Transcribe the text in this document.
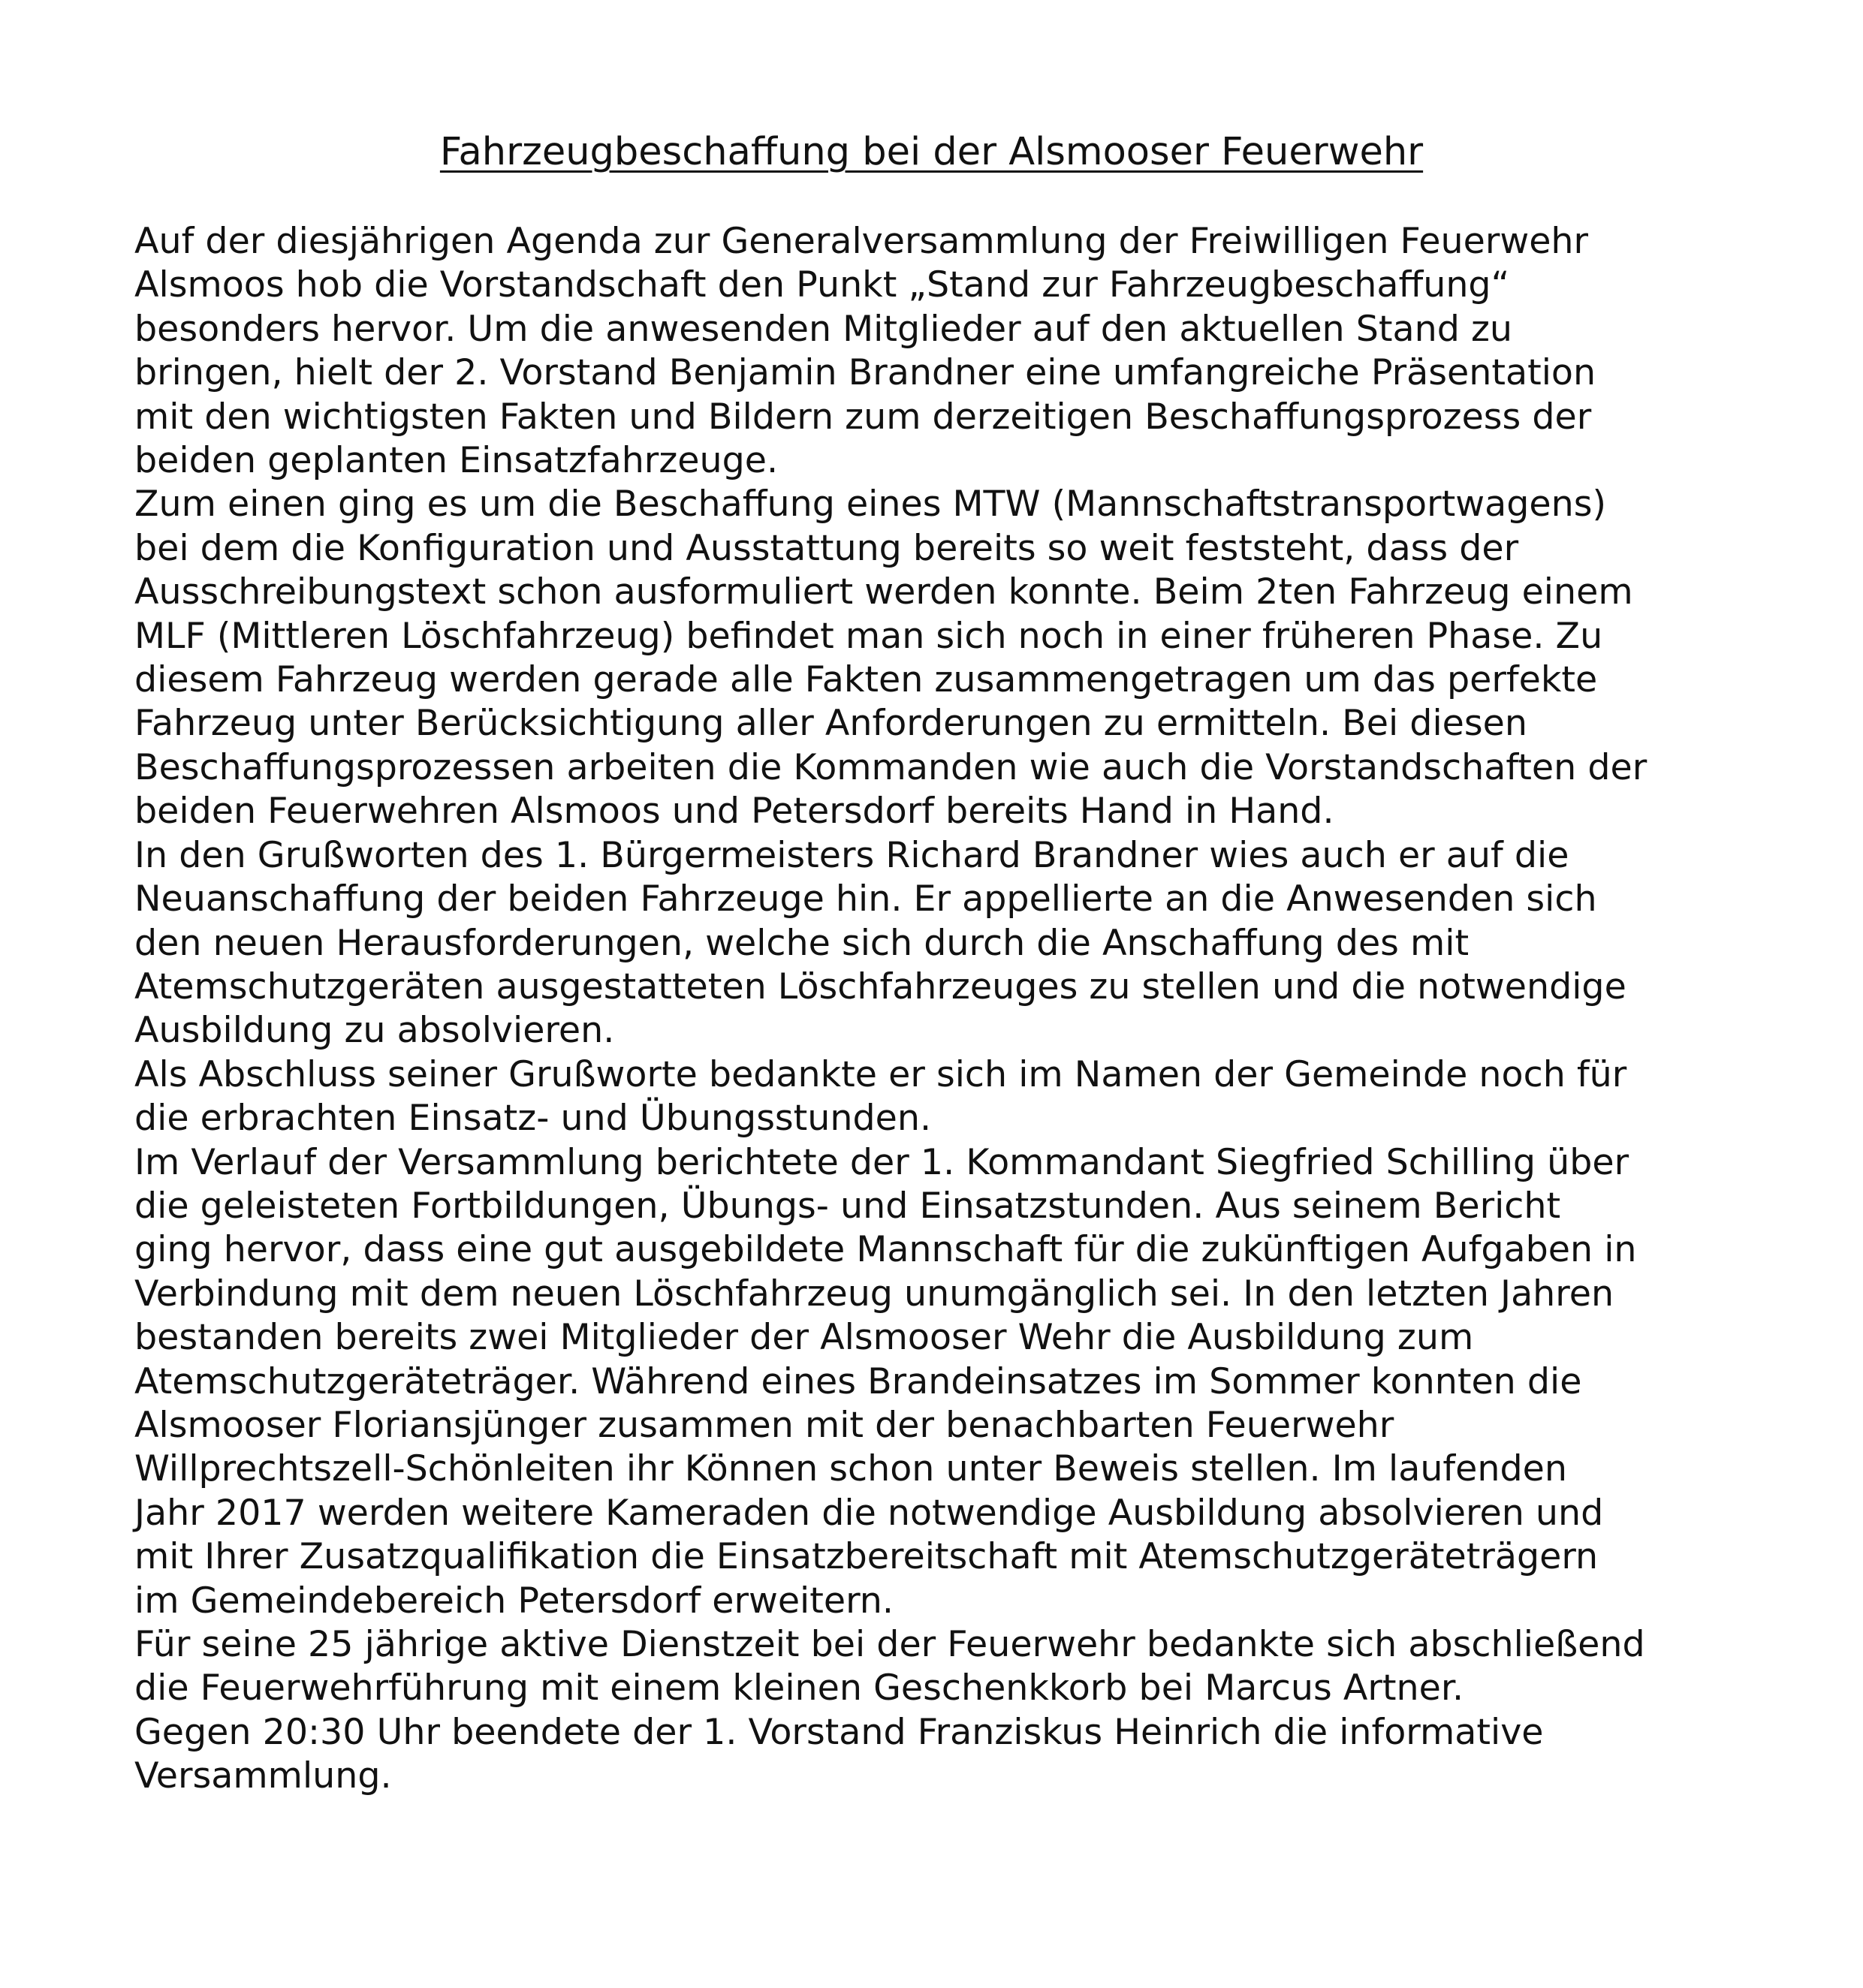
Fahrzeugbeschaffung bei der Alsmooser Feuerwehr
Auf der diesjährigen Agenda zur Generalversammlung der Freiwilligen Feuerwehr
Alsmoos hob die Vorstandschaft den Punkt „Stand zur Fahrzeugbeschaffung“
besonders hervor. Um die anwesenden Mitglieder auf den aktuellen Stand zu
bringen, hielt der 2. Vorstand Benjamin Brandner eine umfangreiche Präsentation
mit den wichtigsten Fakten und Bildern zum derzeitigen Beschaffungsprozess der
beiden geplanten Einsatzfahrzeuge.
Zum einen ging es um die Beschaffung eines MTW (Mannschaftstransportwagens)
bei dem die Konfiguration und Ausstattung bereits so weit feststeht, dass der
Ausschreibungstext schon ausformuliert werden konnte. Beim 2ten Fahrzeug einem
MLF (Mittleren Löschfahrzeug) befindet man sich noch in einer früheren Phase. Zu
diesem Fahrzeug werden gerade alle Fakten zusammengetragen um das perfekte
Fahrzeug unter Berücksichtigung aller Anforderungen zu ermitteln. Bei diesen
Beschaffungsprozessen arbeiten die Kommanden wie auch die Vorstandschaften der
beiden Feuerwehren Alsmoos und Petersdorf bereits Hand in Hand.
In den Grußworten des 1. Bürgermeisters Richard Brandner wies auch er auf die
Neuanschaffung der beiden Fahrzeuge hin. Er appellierte an die Anwesenden sich
den neuen Herausforderungen, welche sich durch die Anschaffung des mit
Atemschutzgeräten ausgestatteten Löschfahrzeuges zu stellen und die notwendige
Ausbildung zu absolvieren.
Als Abschluss seiner Grußworte bedankte er sich im Namen der Gemeinde noch für
die erbrachten Einsatz- und Übungsstunden.
Im Verlauf der Versammlung berichtete der 1. Kommandant Siegfried Schilling über
die geleisteten Fortbildungen, Übungs- und Einsatzstunden. Aus seinem Bericht
ging hervor, dass eine gut ausgebildete Mannschaft für die zukünftigen Aufgaben in
Verbindung mit dem neuen Löschfahrzeug unumgänglich sei. In den letzten Jahren
bestanden bereits zwei Mitglieder der Alsmooser Wehr die Ausbildung zum
Atemschutzgeräteträger. Während eines Brandeinsatzes im Sommer konnten die
Alsmooser Floriansjünger zusammen mit der benachbarten Feuerwehr
Willprechtszell-Schönleiten ihr Können schon unter Beweis stellen. Im laufenden
Jahr 2017 werden weitere Kameraden die notwendige Ausbildung absolvieren und
mit Ihrer Zusatzqualifikation die Einsatzbereitschaft mit Atemschutzgeräteträgern
im Gemeindebereich Petersdorf erweitern.
Für seine 25 jährige aktive Dienstzeit bei der Feuerwehr bedankte sich abschließend
die Feuerwehrführung mit einem kleinen Geschenkkorb bei Marcus Artner.
Gegen 20:30 Uhr beendete der 1. Vorstand Franziskus Heinrich die informative
Versammlung.
